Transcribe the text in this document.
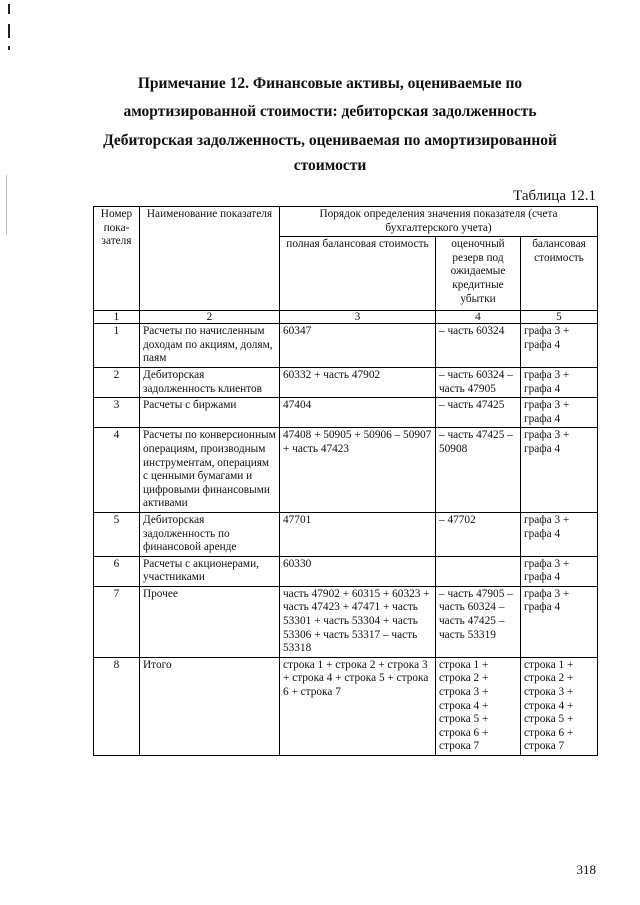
Примечание 12. Финансовые активы, оцениваемые по
амортизированной стоимости: дебиторская задолженность
Дебиторская задолженность, оцениваемая по амортизированной стоимости
Таблица 12.1
Номер пока-зателя	Наименование показателя	Порядок определения значения показателя (счета бухгалтерского учета)		
		полная балансовая стоимость	оценочный резерв под ожидаемые кредитные убытки	балансовая стоимость
1	2	3	4	5
1	Расчеты по начисленным доходам по акциям, долям, паям	60347	– часть 60324	графа 3 + графа 4
2	Дебиторская задолженность клиентов	60332 + часть 47902	– часть 60324 – часть 47905	графа 3 + графа 4
3	Расчеты с биржами	47404	– часть 47425	графа 3 + графа 4
4	Расчеты по конверсионным операциям, производным инструментам, операциям с ценными бумагами и цифровыми финансовыми активами	47408 + 50905 + 50906 – 50907 + часть 47423	– часть 47425 – 50908	графа 3 + графа 4
5	Дебиторская задолженность по финансовой аренде	47701	– 47702	графа 3 + графа 4
6	Расчеты с акционерами, участниками	60330		графа 3 + графа 4
7	Прочее	часть 47902 + 60315 + 60323 + часть 47423 + 47471 + часть 53301 + часть 53304 + часть 53306 + часть 53317 – часть 53318	– часть 47905 – часть 60324 – часть 47425 – часть 53319	графа 3 + графа 4
8	Итого	строка 1 + строка 2 + строка 3 + строка 4 + строка 5 + строка 6 + строка 7	строка 1 + строка 2 + строка 3 + строка 4 + строка 5 + строка 6 + строка 7	строка 1 + строка 2 + строка 3 + строка 4 + строка 5 + строка 6 + строка 7
318
